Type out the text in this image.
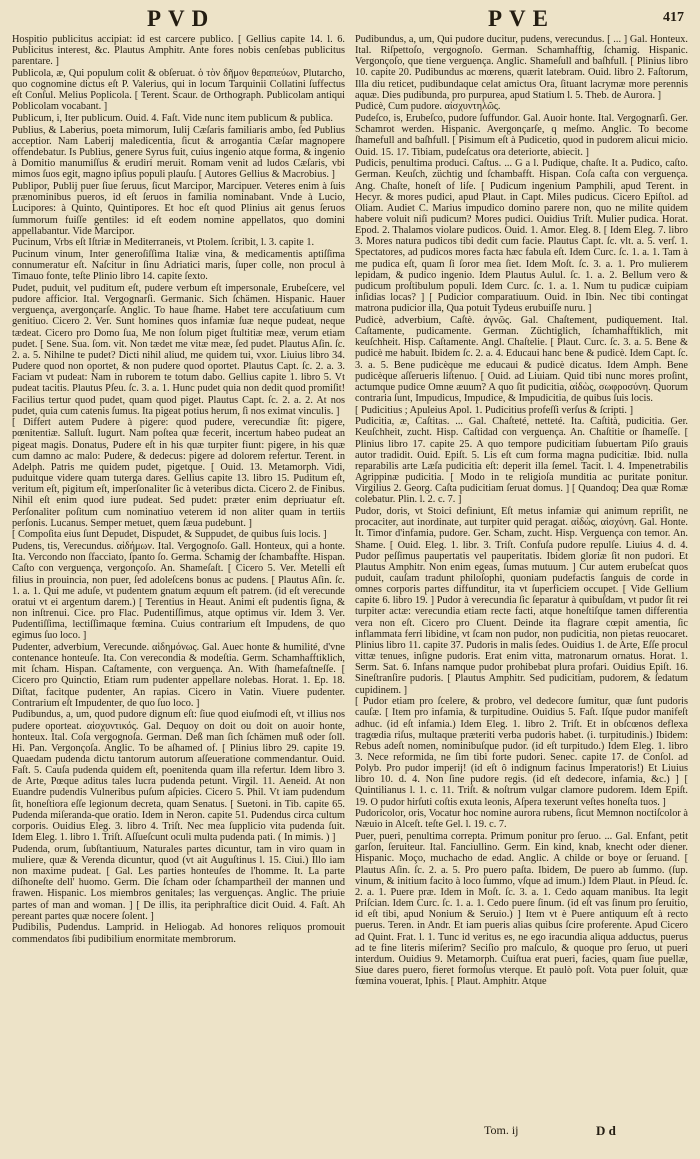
PVD	PVE	417

Hospitio publicitus accipiat: id est carcere publico. [ Gellius capite 14. l. 6. Publicitus interest, &c. Plautus Amphitr. Ante fores nobis cenſebas publicitus parentare. ]

Publicola, æ, Qui populum colit & obſeruat. ὁ τὸν δῆμον θεραπεύων, Plutarcho, quo cognomine dictus eſt P. Valerius, qui in locum Tarquinii Collatini ſuffectus eſt Conſul. Melius Poplicola. [ Terent. Scaur. de Orthograph. Publicolam antiqui Poblicolam vocabant. ]

Publicum, i, Iter publicum. Ouid. 4. Faſt. Vide nunc item publicum & publica.

Publius, & Laberius, poeta mimorum, Iulij Cæſaris familiaris ambo, ſed Publius acceptior. Nam Laberij maledicentia, ſicut & arrogantia Cæſar magnopere offendebatur. Is Publius, genere Syrus fuit, cuius ingenio atque forma, & ingenio à Domitio manumiſſus & erudiri meruit. Romam venit ad ludos Cæſaris, vbi mimos ſuos egit, magno ipſius populi plauſu. [ Autores Gellius & Macrobius. ]

Publipor, Publij puer ſiue ſeruus, ſicut Marcipor, Marcipuer. Veteres enim à ſuis prænominibus pueros, id eſt ſeruos in familia nominabant. Vnde à Lucio, Lucipores: à Quinto, Quintipores. Et hoc eſt quod Plinius ait genus ſeruos ſummorum fuiſſe gentiles: id eſt eodem nomine appellatos, quo domini appellabantur. Vide Marcipor.

Pucinum, Vrbs eſt Iſtriæ in Mediterraneis, vt Ptolem. ſcribit, l. 3. capite 1.

Pucinum vinum, Inter generoſiſſima Italiæ vina, & medicamentis aptiſſima connumeratur eſt. Naſcitur in ſinu Adriatici maris, ſuper colle, non procul à Timauo fonte, teſte Plinio libro 14. capite ſexto.

Pudet, puduit, vel puditum eſt, pudere verbum eſt impersonale, Erubeſcere, vel pudore afficior. Ital. Vergognarſi. Germanic. Sich ſchämen. Hispanic. Hauer verguença, avergonçarſe. Anglic. To haue ſhame. Habet tere accuſatiuum cum genitiuo. Cicero 2. Ver. Sunt homines quos infamiæ ſuæ neque pudeat, neque tædeat. Cicero pro Domo ſua, Me non ſolum piget ſtultitiæ meæ, verum etiam pudet. [ Sene. Sua. ſom. vit. Non tædet me vitæ meæ, ſed pudet. Plautus Aſin. ſc. 2. a. 5. Nihilne te pudet? Dicti nihil aliud, me quidem tui, vxor. Liuius libro 34. Pudere quod non oportet, & non pudere quod oportet. Plautus Capt. ſc. 2. a. 3. Faciam vt pudeat: Nam in ruborem te totum dabo. Gellius capite 1. libro 5. Vt pudeat tacitis. Plautus Pſeu. ſc. 3. a. 1. Hunc pudet quia non dedit quod promiſit! Facilius tertur quod pudet, quam quod piget. Plautus Capt. ſc. 2. a. 2. At nos pudet, quia cum catenis ſumus. Ita pigeat potius herum, ſi nos eximat vinculis. ]

[ Differt autem Pudere à pigere: quod pudere, verecundiæ ſit: pigere, pœnitentiæ. Salluſt. Iugurt. Nam poſtea quæ fecerit, incertum habeo pudeat an pigeat magis. Donatus, Pudere eſt in his quæ turpiter fiunt: pigere, in his quæ cum damno ac malo: Pudere, & dedecus: pigere ad dolorem refertur. Terent. in Adelph. Patris me quidem pudet, pigetque. [ Ouid. 13. Metamorph. Vidi, puduitque videre quam tuterga dares. Gellius capite 13. libro 15. Puditum eſt, veritum eſt, pigitum eſt, imperſonaliter ſic à veteribus dicta. Cicero 2. de Finibus. Nihil eſt enim quod iure pudeat. Sed pudet: præter enim depriuatur eſt. Perſonaliter poſitum cum nominatiuo veterem id non aliter quam in tertiis perſonis. Lucanus. Semper metuet, quem ſæua pudebunt. ]

[ Compoſita eius ſunt Depudet, Dispudet, & Suppudet, de quibus ſuis locis. ]

Pudens, tis, Verecundus. αἰδήμων. Ital. Vergognoſo. Gall. Honteux, qui a honte. Ita. Vercondo non ſfacciato, ſpanto ſo. Germa. Schamig der ſchambaffte. Hispan. Caſto con verguença, vergonçoſo. An. Shameſaſt. [ Cicero 5. Ver. Metelli eſt filius in prouincia, non puer, ſed adoleſcens bonus ac pudens. [ Plautus Aſin. ſc. 1. a. 1. Qui me aduſe, vt pudentem gnatum æquum eſt patrem. (id eſt verecunde oratui vt ei argentum darem.) [ Terentius in Heaut. Animi eſt pudentis ſigna, & non inſtrenui. Cice. pro Flac. Pudentiſſimus, atque optimus vir. Idem 3. Ver. Pudentiſſima, lectiſſimaque fœmina. Cuius contrarium eſt Impudens, de quo egimus ſuo loco. ]

Pudenter, adverbium, Verecunde. αἰδημόνως. Gal. Auec honte & humilité, d'vne contenance honteuſe. Ita. Con verecondia & modeſtia. Germ. Schamhafftiklich, mit ſcham. Hispan. Caſtamente, con verguença. An. With ſhamefaſtneſſe. [ Cicero pro Quinctio, Etiam rum pudenter appellare nolebas. Horat. 1. Ep. 18. Diſtat, facitque pudenter, An rapias. Cicero in Vatin. Viuere pudenter. Contrarium eſt Impudenter, de quo ſuo loco. ]

Pudibundus, a, um, quod pudore dignum eſt: ſiue quod eiuſmodi eſt, vt illius nos pudere oporteat. αἰσχυντικός. Gal. Dequoy on doit ou doit on auoir honte, honteux. Ital. Coſa vergognoſa. German. Deß man ſich ſchämen muß oder ſoll. Hi. Pan. Vergonçoſa. Anglic. To be aſhamed of. [ Plinius libro 29. capite 19. Quaedam pudenda dictu tantorum autorum aſſeueratione commendantur. Ouid. Faſt. 5. Cauſa pudenda quidem eſt, poenitenda quam illa refertur. Idem libro 3. de Arte, Pœque aditus tales lucra pudenda petunt. Virgil. 11. Aeneid. At non Euandre pudendis Vulneribus puſum aſpicies. Cicero 5. Phil. Vt iam pudendum ſit, honeſtiora eſſe legionum decreta, quam Senatus. [ Suetoni. in Tib. capite 65. Pudenda miſeranda-que oratio. Idem in Neron. capite 51. Pudendus circa cultum corporis. Ouidius Eleg. 3. libro 4. Triſt. Nec mea ſupplicio vita pudenda ſuit. Idem Eleg. 1. libro 1. Triſt. Aſſueſcunt oculi multa pudenda pati. ( In mimis. ) ]

Pudenda, orum, ſubſtantiuum, Naturales partes dicuntur, tam in viro quam in muliere, quæ & Verenda dicuntur, quod (vt ait Auguſtinus l. 15. Ciui.) Illo iam non maxime pudeat. [ Gal. Les parties honteuſes de l'homme. It. La parte diſhoneſte dell' huomo. Germ. Die ſcham oder ſchampartheil der mannen und frawen. Hispanic. Los miembros genitales; las verguenças. Anglic. The priuie partes of man and woman. ] [ De illis, ita periphraſtice dicit Ouid. 4. Faſt. Ah pereant partes quæ nocere ſolent. ]

Pudibilis, Pudendus. Lamprid. in Heliogab. Ad honores reliquos promouit commendatos ſibi pudibilium enormitate membrorum.

Pudibundus, a, um, Qui pudore ducitur, pudens, verecundus. [ ... ] Gal. Honteux. Ital. Riſpettoſo, vergognoſo. German. Schamhafftig, ſchamig. Hispanic. Vergonçoſo, que tiene verguença. Anglic. Shameſull and baſhfull. [ Plinius libro 10. capite 20. Pudibundus ac mœrens, quærit latebram. Ouid. libro 2. Faſtorum, Illa diu reticet, pudibundaque celat amictus Ora, ſituant lacrymæ more perennis aquæ. Dies pudibunda, pro purpurea, apud Statium l. 5. Theb. de Aurora. ]

Pudicè, Cum pudore. αἰσχυντηλῶς.

Pudeſco, is, Erubeſco, pudore ſuffundor. Gal. Auoir honte. Ital. Vergognarſi. Ger. Schamrot werden. Hispanic. Avergonçarſe, q meſmo. Anglic. To become ſhamefull and baſhfull. [ Pisimum eſt à Pudicetio, quod in pudorem alicui micio. Ouid. 15. 17. Tibiam, pudeſcatus ora deteriorte, abiecit. ]

Pudicis, penultima produci. Caſtus. ... G a l. Pudique, chaſte. It a. Pudico, caſto. German. Keuſch, züchtig und ſchambafft. Hispan. Coſa caſta con verguença. Ang. Chaſte, honeſt of liſe. [ Pudicum ingenium Pamphili, apud Terent. in Hecyr. & mores pudici, apud Plaut. in Capt. Miles pudicus. Cicero Epiſtol. ad Oliam. Audiet C. Marius impudico domino parere non, quo ne milite quidem habere voluit niſi pudicum? Mores pudici. Ouidius Triſt. Mulier pudica. Horat. Epod. 2. Thalamos violare pudicos. Ouid. 1. Amor. Eleg. 8. [ Idem Eleg. 7. libro 3. Mores natura pudicos tibi dedit cum facie. Plautus Capt. ſc. vlt. a. 5. verſ. 1. Spectatores, ad pudicos mores facta hæc fabula eſt. Idem Curc. ſc. 1. a. 1. Tam à me pudica eſt, quam ſi ſoror mea ſiet. Idem Moſt. ſc. 3. a. 1. Pro mulierem lepidam, & pudico ingenio. Idem Plautus Aulul. ſc. 1. a. 2. Bellum vero & pudicum proſtibulum populi. Idem Curc. ſc. 1. a. 1. Num tu pudicæ cuipiam inſidias locas? ] [ Pudicior comparatiuum. Ouid. in Ibin. Nec tibi contingat matrona pudicior illa, Qua potuit Tydeus erubuiſſe nuru. ]

Pudicè, adverbium, Caſtè. ἁγνῶς. Gal. Chaſtement, pudiquement. Ital. Caſtamente, pudicamente. German. Züchtiglich, ſchamhafftiklich, mit keuſchheit. Hisp. Caſtamente. Angl. Chaſtelie. [ Plaut. Curc. ſc. 3. a. 5. Bene & pudicè me habuit. Ibidem ſc. 2. a. 4. Educaui hanc bene & pudicè. Idem Capt. ſc. 3. a. 5. Bene pudicèque me educaui & pudicè dicatus. Idem Amph. Bene pudicèque aſſerueris liſtenuo. [ Ouid. ad Liuiam. Quid tibi nunc mores proſint, actumque pudice Omne æuum? A quo ſit pudicitia, αἰδὼς, σωφροσύνη. Quorum contraria ſunt, Impudicus, Impudice, & Impudicitia, de quibus ſuis locis.

[ Pudicitius ; Apuleius Apol. 1. Pudicitius profeſſi verſus & ſcripti. ]

Pudicitia, æ, Caſtitas. ... Gal. Chaſteté, netteté. Ita. Caſtità, pudicitia. Ger. Keuſchheit, zucht. Hisp. Caſtidad con verguença. An. Chaſtitie or ſhameſſe. [ Plinius libro 17. capite 25. A quo tempore pudicitiam ſubuertam Piſo grauis autor tradidit. Ouid. Epiſt. 5. Lis eſt cum forma magna pudicitiæ. Ibid. nulla reparabilis arte Læſa pudicitia eſt: deperit illa ſemel. Tacit. l. 4. Impenetrabilis Agrippinæ pudicitia. [ Modo in te religioſa munditia ac puritate ponitur. Virgilius 2. Georg. Caſta pudicitiam ſeruat domus. ] [ Quandoq; Dea quæ Romæ colebatur. Plin. l. 2. c. 7. ]

Pudor, doris, vt Stoici definiunt, Eſt metus infamiæ qui animum repriſit, ne procaciter, aut inordinate, aut turpiter quid peragat. αἰδώς, αἰσχύνη. Gal. Honte. It. Timor d'infamia, pudore. Ger. Scham, zucht. Hisp. Verguença con temor. An. Shame. [ Ouid. Eleg. 1. libr. 3. Triſt. Confuſa pudore repulſe. Liuius 4. d. 4. Pudor peſſimus paupertatis vel pauperitatis. Ibidem gloriæ ſit non pudori. Et Plautus Amphitr. Non enim egeas, ſumas mutuum. ] Cur autem erubeſcat quos puduit, cauſam tradunt philoſophi, quoniam pudefactis ſanguis de corde in omnes corporis partes diffunditur, ita vt ſuperficiem occupet. [ Vide Gellium capite 6. libro 19. ] Pudor à verecundia ſic ſeparatur à quibuſdam, vt pudor ſit rei turpiter actæ: verecundia etiam recte facti, atque honeſtiſque tamen differentia vera non eſt. Cicero pro Cluent. Deinde ita flagrare cœpit amentia, ſic inflammata ferri libidine, vt ſcam non pudor, non pudicitia, non pietas reuocaret. Plinius libro 11. capite 37. Pudoris in malis ſedes. Ouidius 1. de Arte, Eſſe procul vittæ tenues, inſigne pudoris. Erat enim vitta, matronarum ornatus. Horat. 1. Serm. Sat. 6. Infans namque pudor prohibebat plura profari. Ouidius Epiſt. 16. Sineſtranſire pudoris. [ Plautus Amphitr. Sed pudicitiam, pudorem, & ſedatum cupidinem. ]

[ Pudor etiam pro ſcelere, & probro, vel dedecore ſumitur, quæ ſunt pudoris cauſæ. [ Item pro infamia, & turpitudine. Ouidius 5. Faſt. Iſque pudor manifeſt adhuc. (id eſt infamia.) Idem Eleg. 1. libro 2. Triſt. Et in obſcœnos deflexa tragœdia riſus, multaque præteriti verba pudoris habet. (i. turpitudinis.) Ibidem: Rebus adeſt nomen, nominibuſque pudor. (id eſt turpitudo.) Idem Eleg. 1. libro 3. Nece reformida, ne ſim tibi forte pudori. Senec. capite 17. de Conſol. ad Polyb. Pro pudor imperij! (id eſt ô indignum facinus Imperatoris!) Et Liuius libro 10. d. 4. Non ſine pudore regis. (id eſt dedecore, infamia, &c.) ] [ Quintilianus l. 1. c. 11. Triſt. & noſtrum vulgar clamore pudorem. Idem Epiſt. 19. O pudor hirſuti coſtis exuta leonis, Aſpera texerunt veſtes honeſta tuos. ]

Pudoricolor, oris, Vocatur hoc nomine aurora rubens, ſicut Memnon noctiſcolor à Næuio in Alceſt. teſte Gel. l. 19. c. 7.

Puer, pueri, penultima correpta. Primum ponitur pro ſeruo. ... Gal. Enfant, petit garſon, ſeruiteur. Ital. Fanciullino. Germ. Ein kind, knab, knecht oder diener. Hispanic. Moço, muchacho de edad. Anglic. A childe or boye or ſeruand. [ Plautus Aſin. ſc. 2. a. 5. Pro puero paſta. Ibidem, De puero ab ſummo. (ſup. vinum, & initium facito à loco ſummo, vſque ad imum.) Idem Plaut. in Pſeud. ſc. 2. a. 1. Puere præ. Idem in Moſt. ſc. 3. a. 1. Cedo aquam manibus. Ita legit Priſcian. Idem Curc. ſc. 1. a. 1. Cedo puere ſinum. (id eſt vas ſinum pro ſeruitio, id eſt tibi, apud Nonium & Seruio.) ] Item vt è Puere antiquum eſt à recto puerus. Teren. in Andr. Et iam pueris alias quibus ſcire proferente. Apud Cicero ad Quint. Frat. l. 1. Tunc id veritus es, ne ego iracundia aliqua adductus, puerus ad te fine literis miſerim? Seciſio pro maſculo, & quoque pro ſeruo, ut pueri interdum. Ouidius 9. Metamorph. Cuiſtua erat pueri, facies, quam ſiue puellæ, Siue dares puero, fieret formoſus vterque. Et paulò poſt. Vota puer ſoluit, quæ fœmina vouerat, Iphis. [ Plaut. Amphitr. Atque

Tom. ij	D d
